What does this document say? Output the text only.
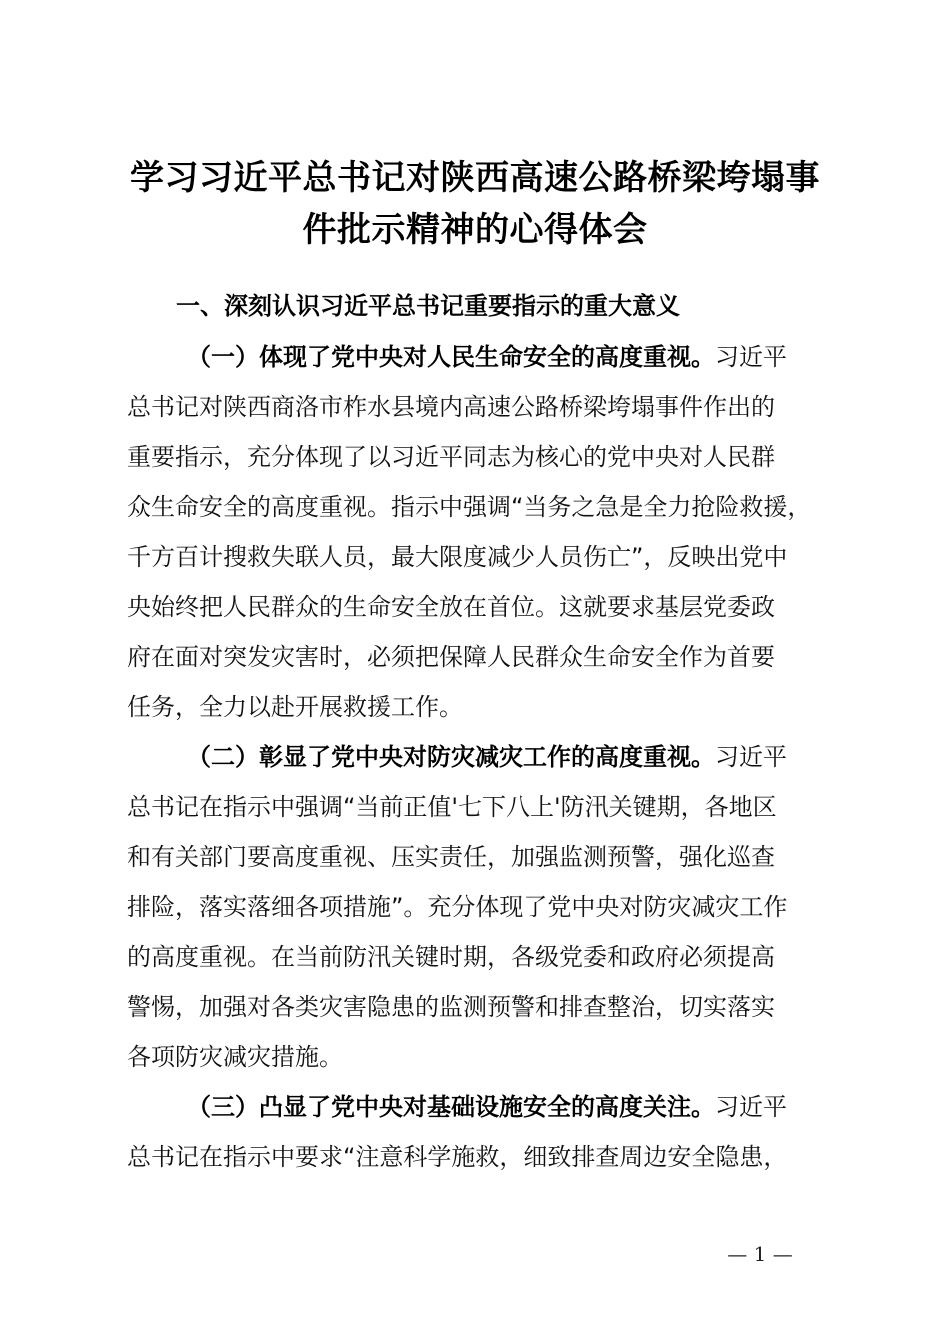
学习习近平总书记对陕西高速公路桥梁垮塌事
件批示精神的心得体会
一、深刻认识习近平总书记重要指示的重大意义
（一）体现了党中央对人民生命安全的高度重视。习近平
总书记对陕西商洛市柞水县境内高速公路桥梁垮塌事件作出的
重要指示，充分体现了以习近平同志为核心的党中央对人民群
众生命安全的高度重视。指示中强调“当务之急是全力抢险救援，
千方百计搜救失联人员，最大限度减少人员伤亡”，反映出党中
央始终把人民群众的生命安全放在首位。这就要求基层党委政
府在面对突发灾害时，必须把保障人民群众生命安全作为首要
任务，全力以赴开展救援工作。
（二）彰显了党中央对防灾减灾工作的高度重视。习近平
总书记在指示中强调“当前正值'七下八上'防汛关键期，各地区
和有关部门要高度重视、压实责任，加强监测预警，强化巡查
排险，落实落细各项措施”。充分体现了党中央对防灾减灾工作
的高度重视。在当前防汛关键时期，各级党委和政府必须提高
警惕，加强对各类灾害隐患的监测预警和排查整治，切实落实
各项防灾减灾措施。
（三）凸显了党中央对基础设施安全的高度关注。习近平
总书记在指示中要求“注意科学施救，细致排查周边安全隐患，
— 1 —
